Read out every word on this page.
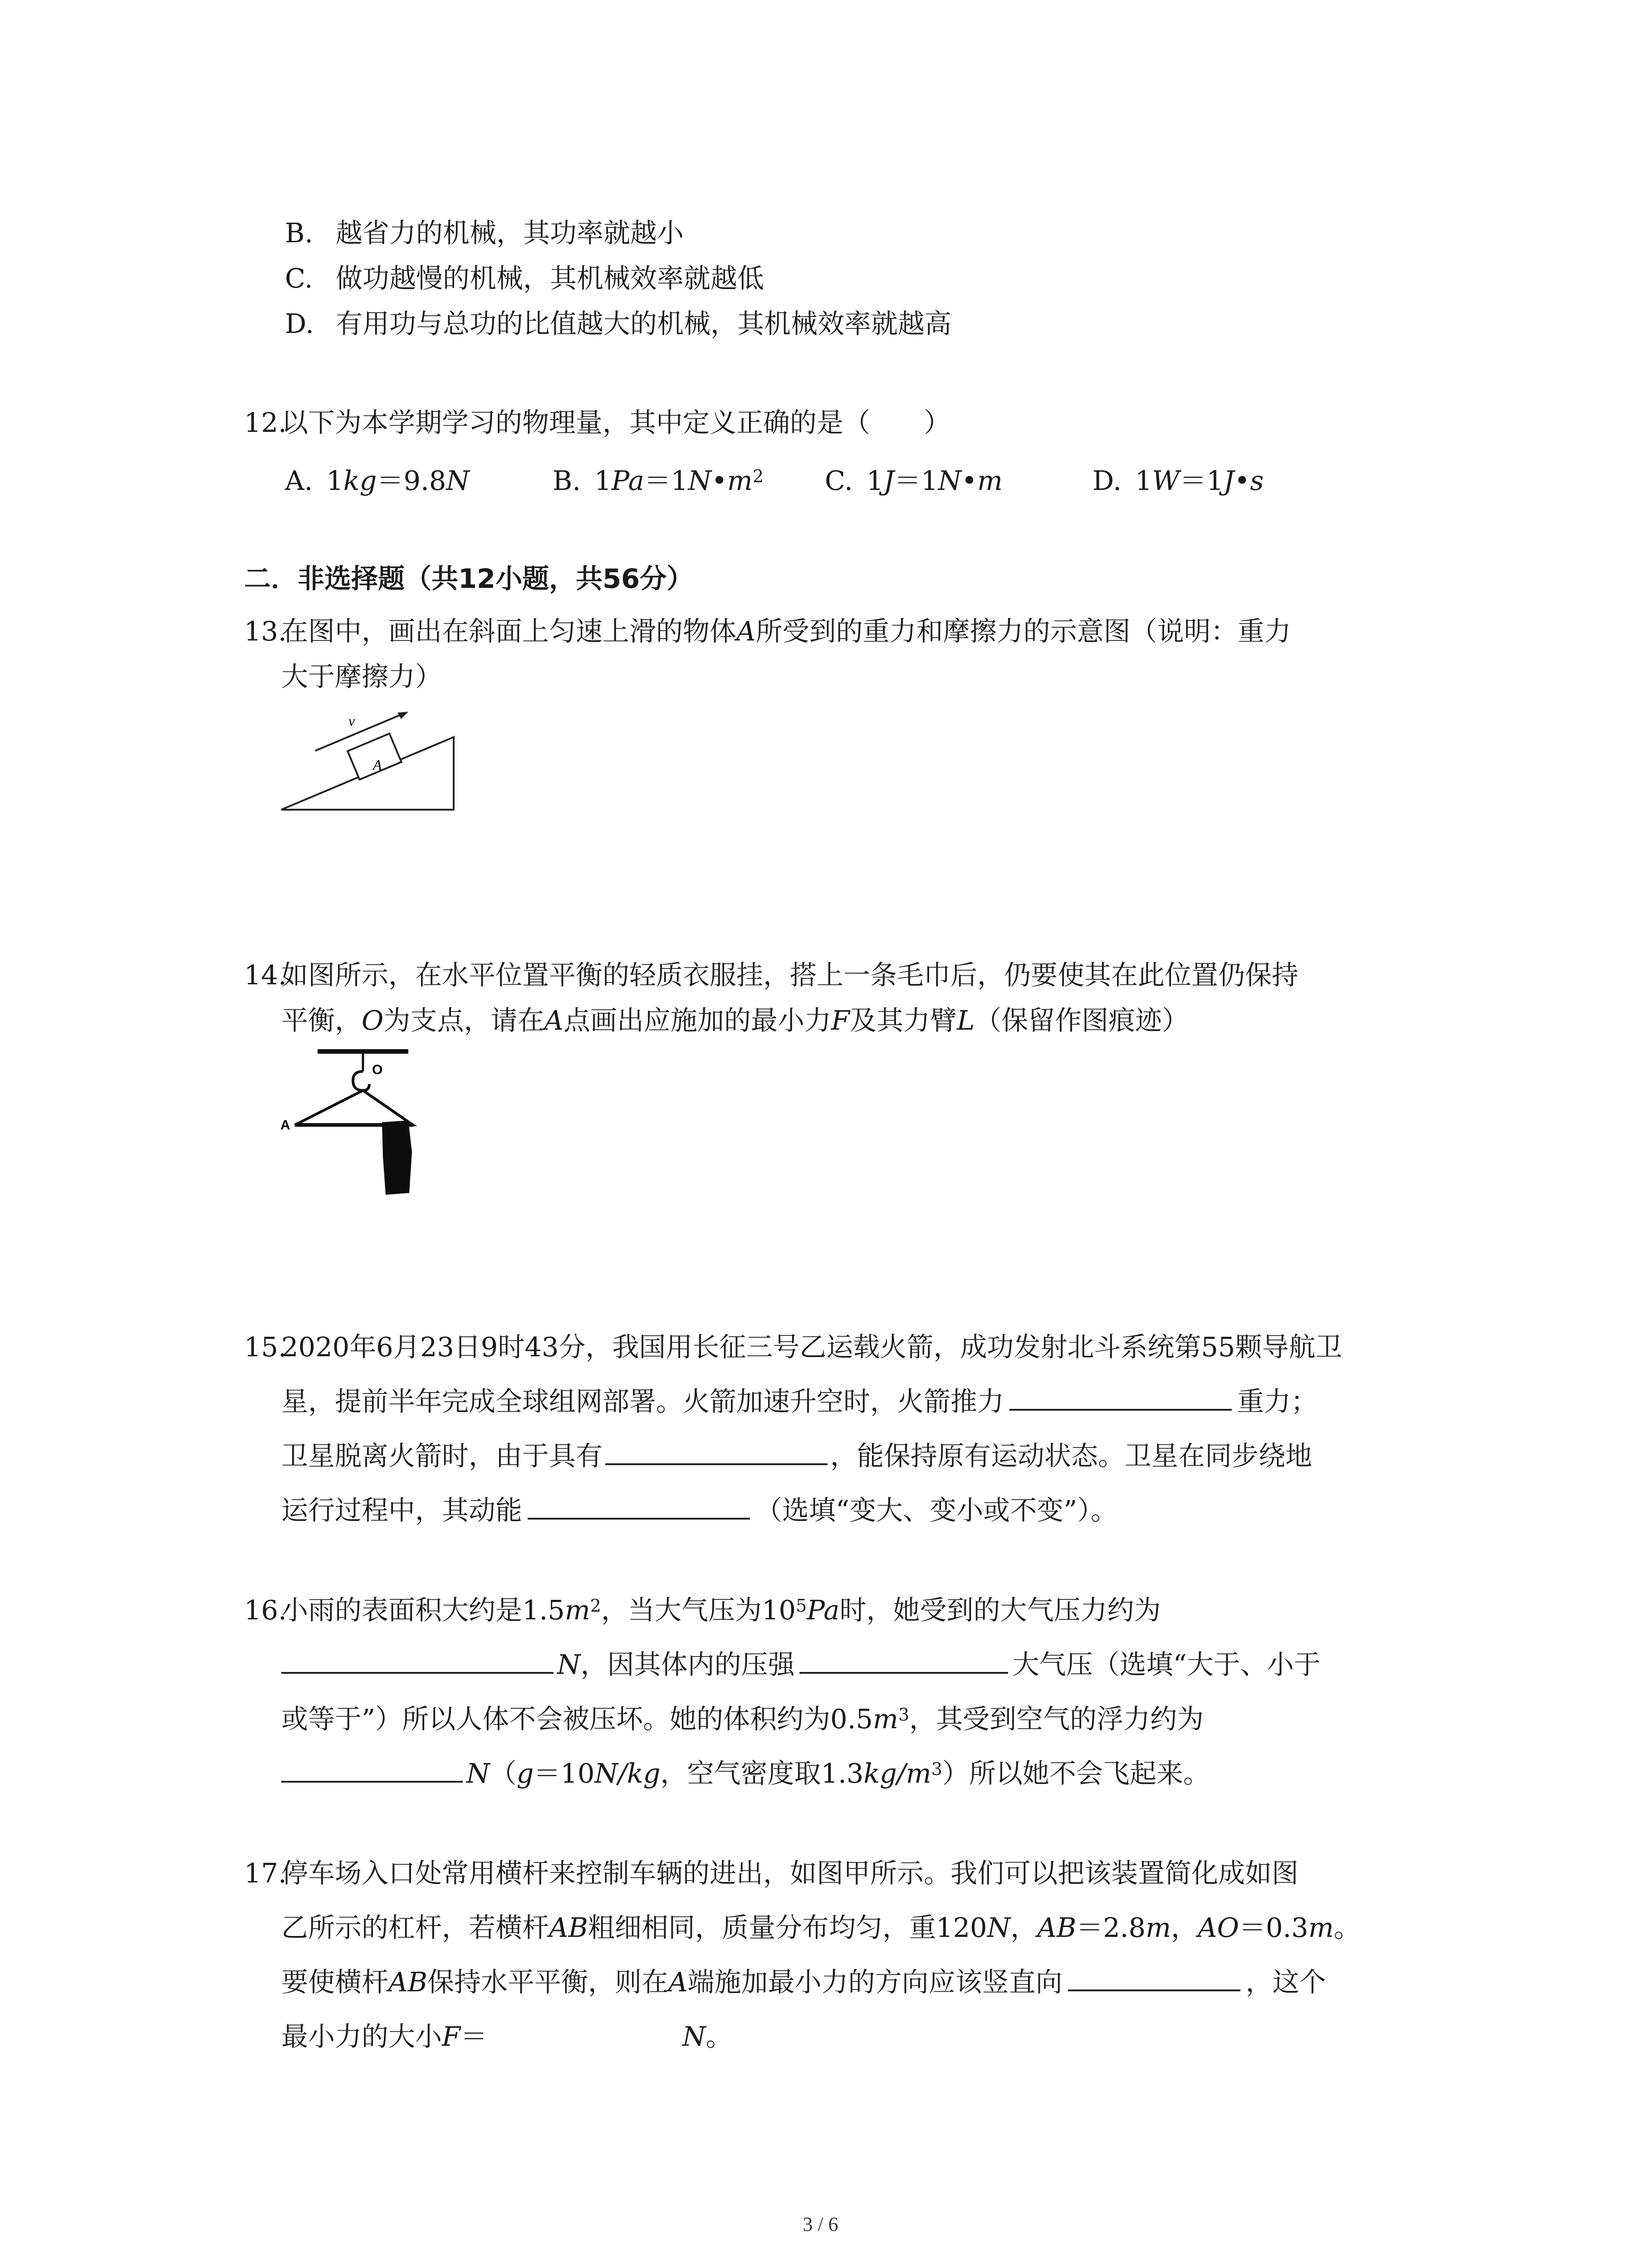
B. 越省力的机械，其功率就越小
C. 做功越慢的机械，其机械效率就越低
D. 有用功与总功的比值越大的机械，其机械效率就越高
12.
以下为本学期学习的物理量，其中定义正确的是（　　）
A. 1kg＝9.8N	B. $1Pa=1N•m^2$ C. 1J＝1N•m	D. 1W＝1J•s
二．非选择题（共12小题，共56分）
13.
在图中，画出在斜面上匀速上滑的物体A所受到的重力和摩擦力的示意图（说明：重力
大于摩擦力）
A
v
14.
如图所示，在水平位置平衡的轻质衣服挂，搭上一条毛巾后，仍要使其在此位置仍保持
平衡，O为支点，请在A点画出应施加的最小力F及其力臂L（保留作图痕迹）
O
A
15.
2020年6月23日9时43分，我国用长征三号乙运载火箭，成功发射北斗系统第55颗导航卫
星，提前半年完成全球组网部署。火箭加速升空时，火箭推力	重力；
卫星脱离火箭时，由于具有	，能保持原有运动状态。卫星在同步绕地
运行过程中，其动能	（选填“变大、变小或不变”）。
16.
小雨的表面积大约是$1.5m^2$，当大气压为$10^5Pa$时，她受到的大气压力约为
N，因其体内的压强	大气压（选填“大于、小于
或等于”）所以人体不会被压坏。她的体积约为$0.5m^3$，其受到空气的浮力约为
N（g＝10N/kg，空气密度取$1.3kg/m^3$）所以她不会飞起来。
17.
停车场入口处常用横杆来控制车辆的进出，如图甲所示。我们可以把该装置简化成如图
乙所示的杠杆，若横杆AB粗细相同，质量分布均匀，重120N，AB＝2.8m，AO＝0.3m。
要使横杆AB保持水平平衡，则在A端施加最小力的方向应该竖直向	，这个
最小力的大小F＝	N。
3 / 6
